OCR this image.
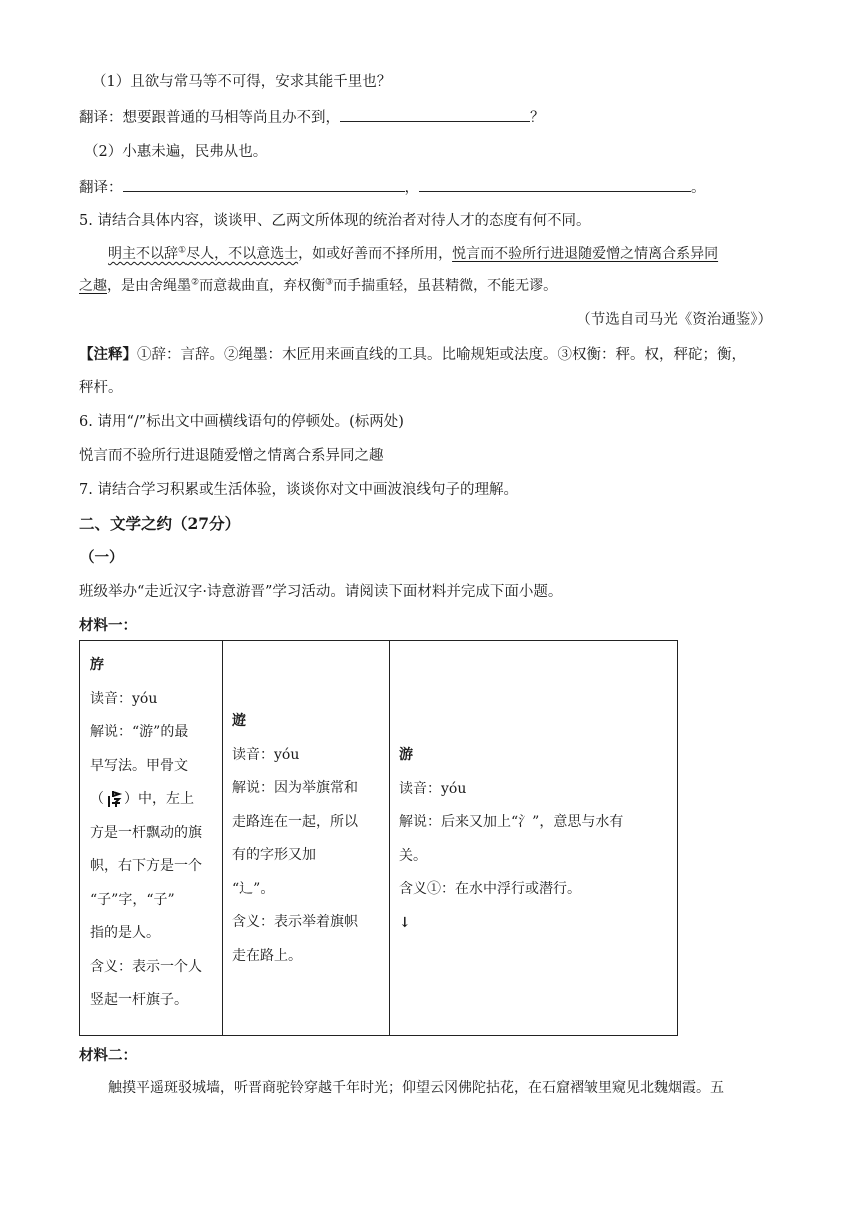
（1）且欲与常马等不可得，安求其能千里也？
翻译：想要跟普通的马相等尚且办不到，	？
（2）小惠未遍，民弗从也。
翻译：	，	。
5. 请结合具体内容，谈谈甲、乙两文所体现的统治者对待人才的态度有何不同。
明主不以辞①尽人，不以意选士，如或好善而不择所用，悦言而不验所行进退随爱憎之情离合系异同
之趣，是由舍绳墨②而意裁曲直，弃权衡③而手揣重轻，虽甚精微，不能无谬。
（节选自司马光《资治通鉴》）
【注释】①辞：言辞。②绳墨：木匠用来画直线的工具。比喻规矩或法度。③权衡：秤。权，秤砣；衡，
秤杆。
6. 请用“/”标出文中画横线语句的停顿处。(标两处)
悦言而不验所行进退随爱憎之情离合系异同之趣
7. 请结合学习积累或生活体验，谈谈你对文中画波浪线句子的理解。
二、文学之约（27分）
（一）
班级举办“走近汉字·诗意游晋”学习活动。请阅读下面材料并完成下面小题。
材料一：
斿
读音：yóu
解说：“游”的最
早写法。甲骨文
（ ）中，左上
方是一杆飘动的旗
帜，右下方是一个
“子”字，“子”
指的是人。
含义：表示一个人
竖起一杆旗子。
遊
读音：yóu
解说：因为举旗常和
走路连在一起，所以
有的字形又加
“辶”。
含义：表示举着旗帜
走在路上。
游
读音：yóu
解说：后来又加上“氵”，意思与水有
关。
含义①：在水中浮行或潜行。
↓
材料二：
触摸平遥斑驳城墙，听晋商驼铃穿越千年时光；仰望云冈佛陀拈花，在石窟褶皱里窥见北魏烟霞。五
